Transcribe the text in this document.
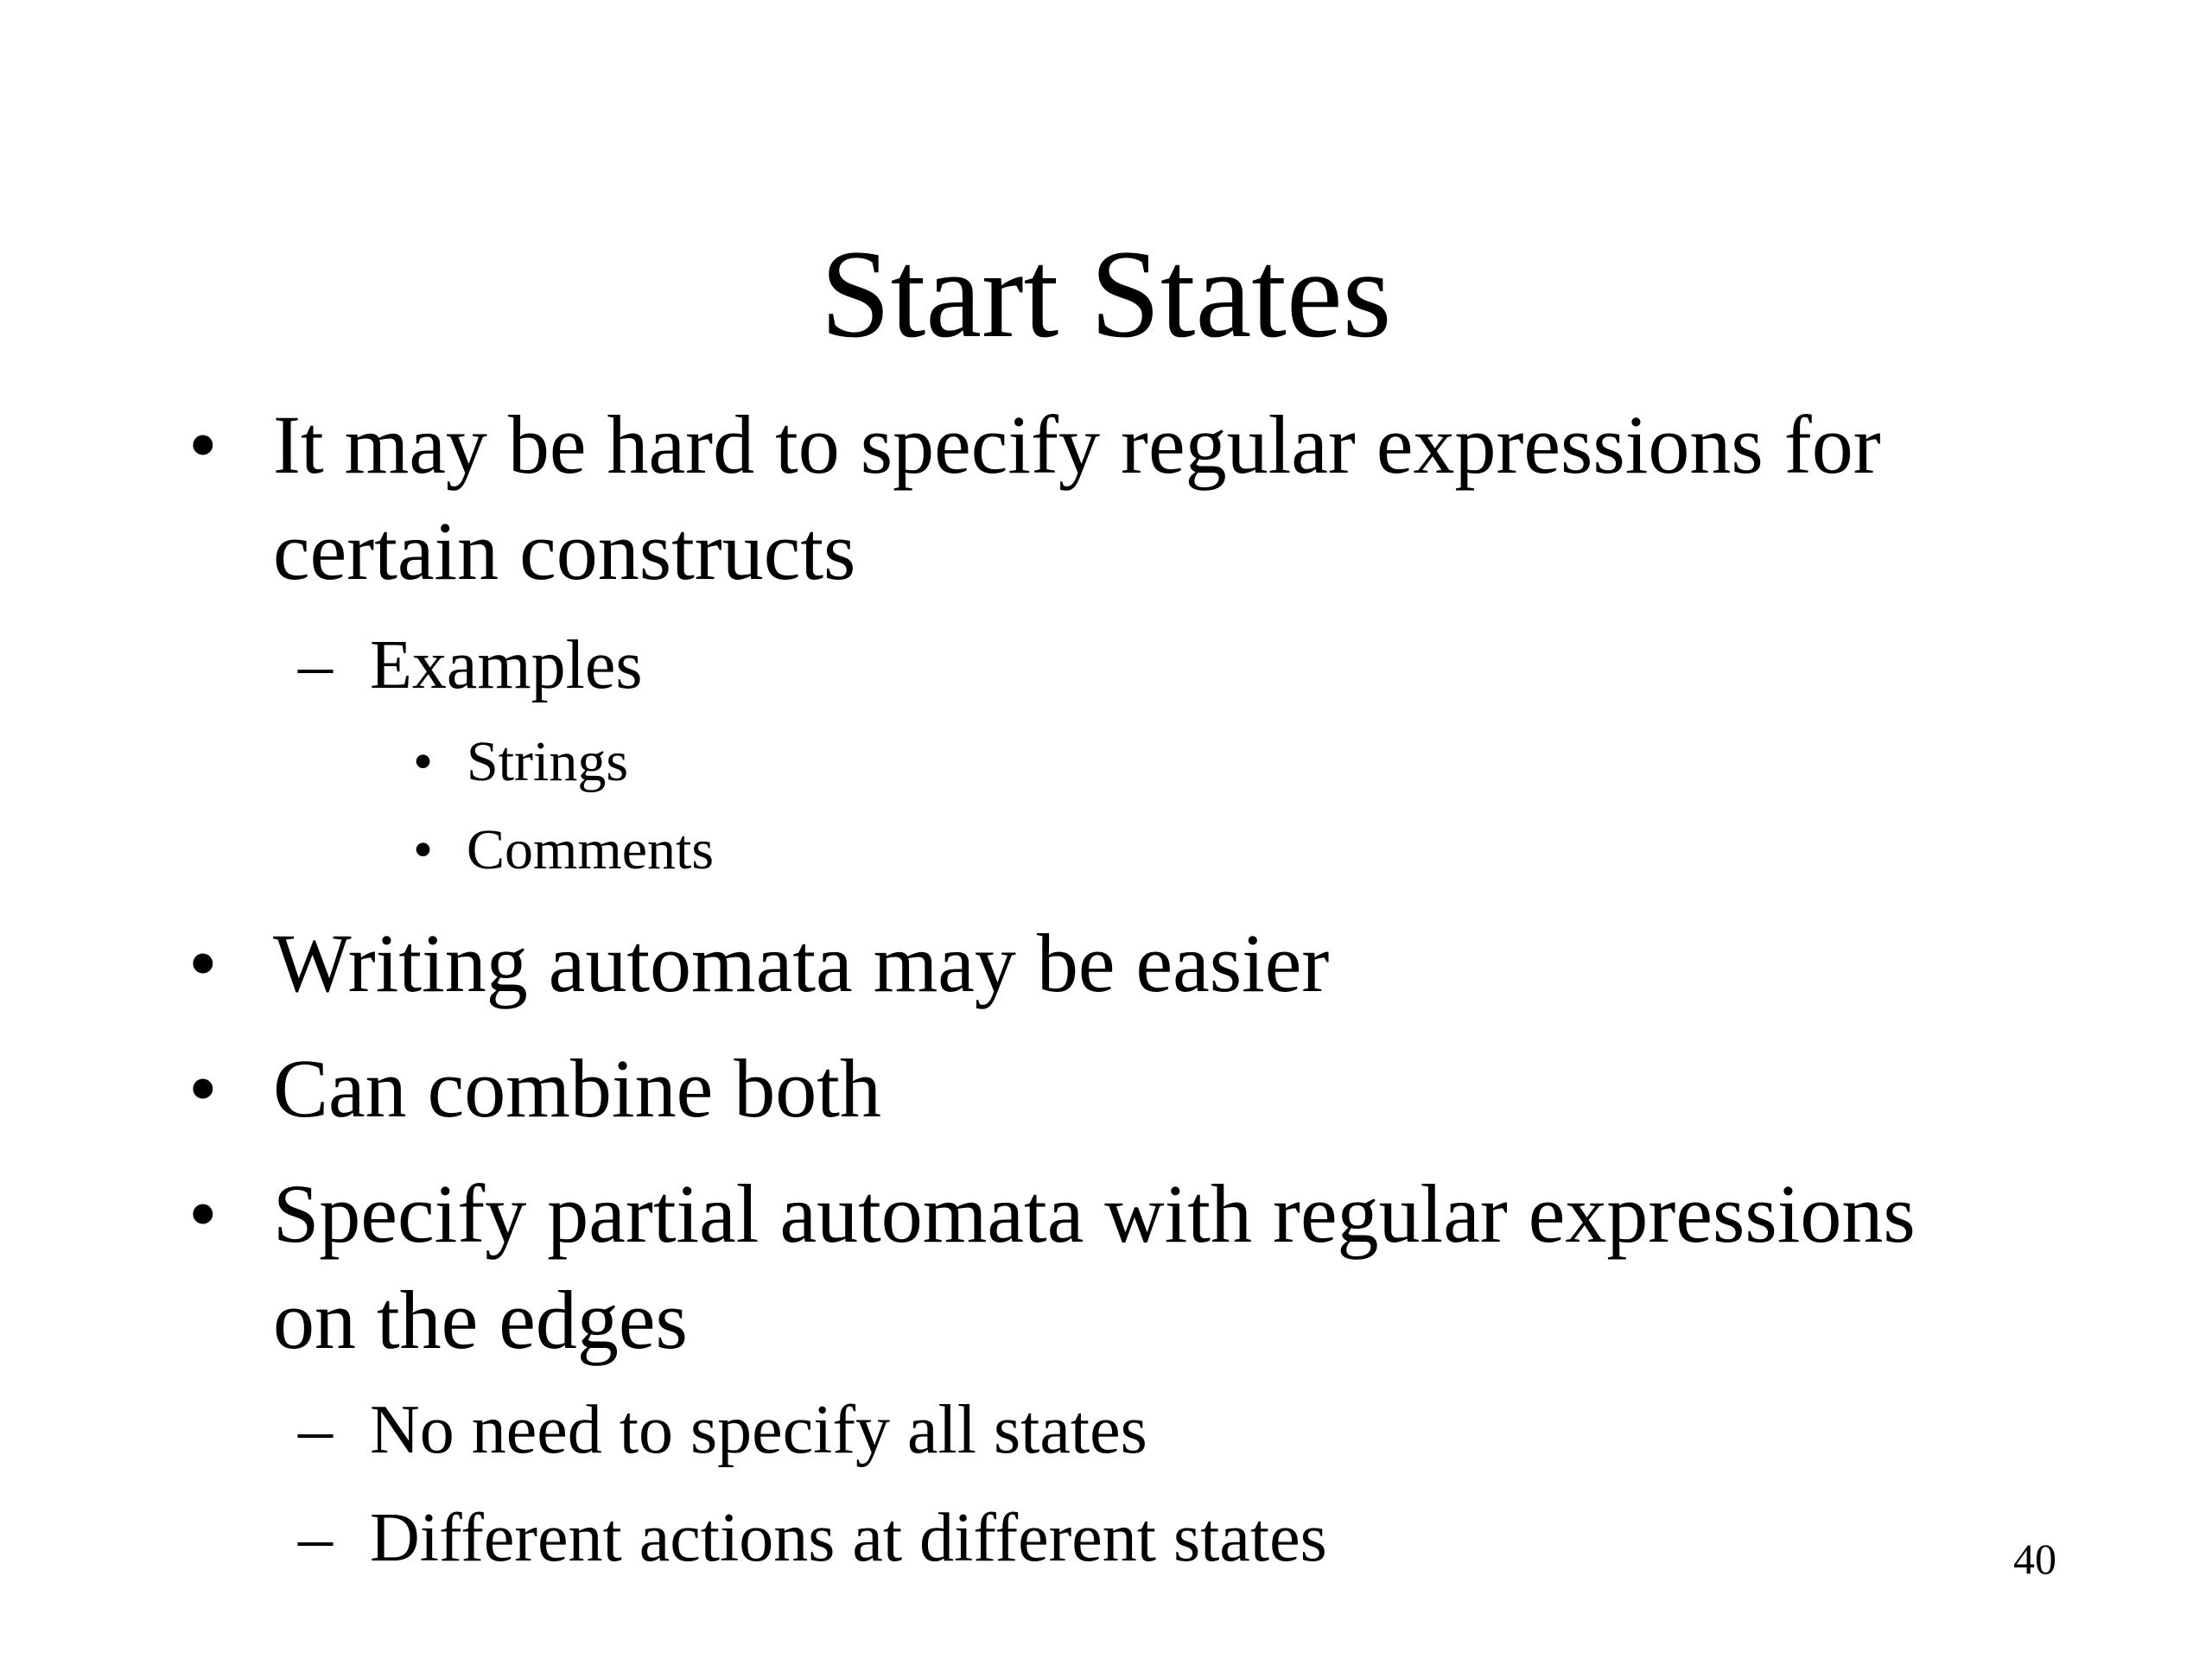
Start States
• It may be hard to specify regular expressions for
certain constructs
– Examples
• Strings
• Comments
• Writing automata may be easier
• Can combine both
• Specify partial automata with regular expressions
on the edges
– No need to specify all states
– Different actions at different states	40
